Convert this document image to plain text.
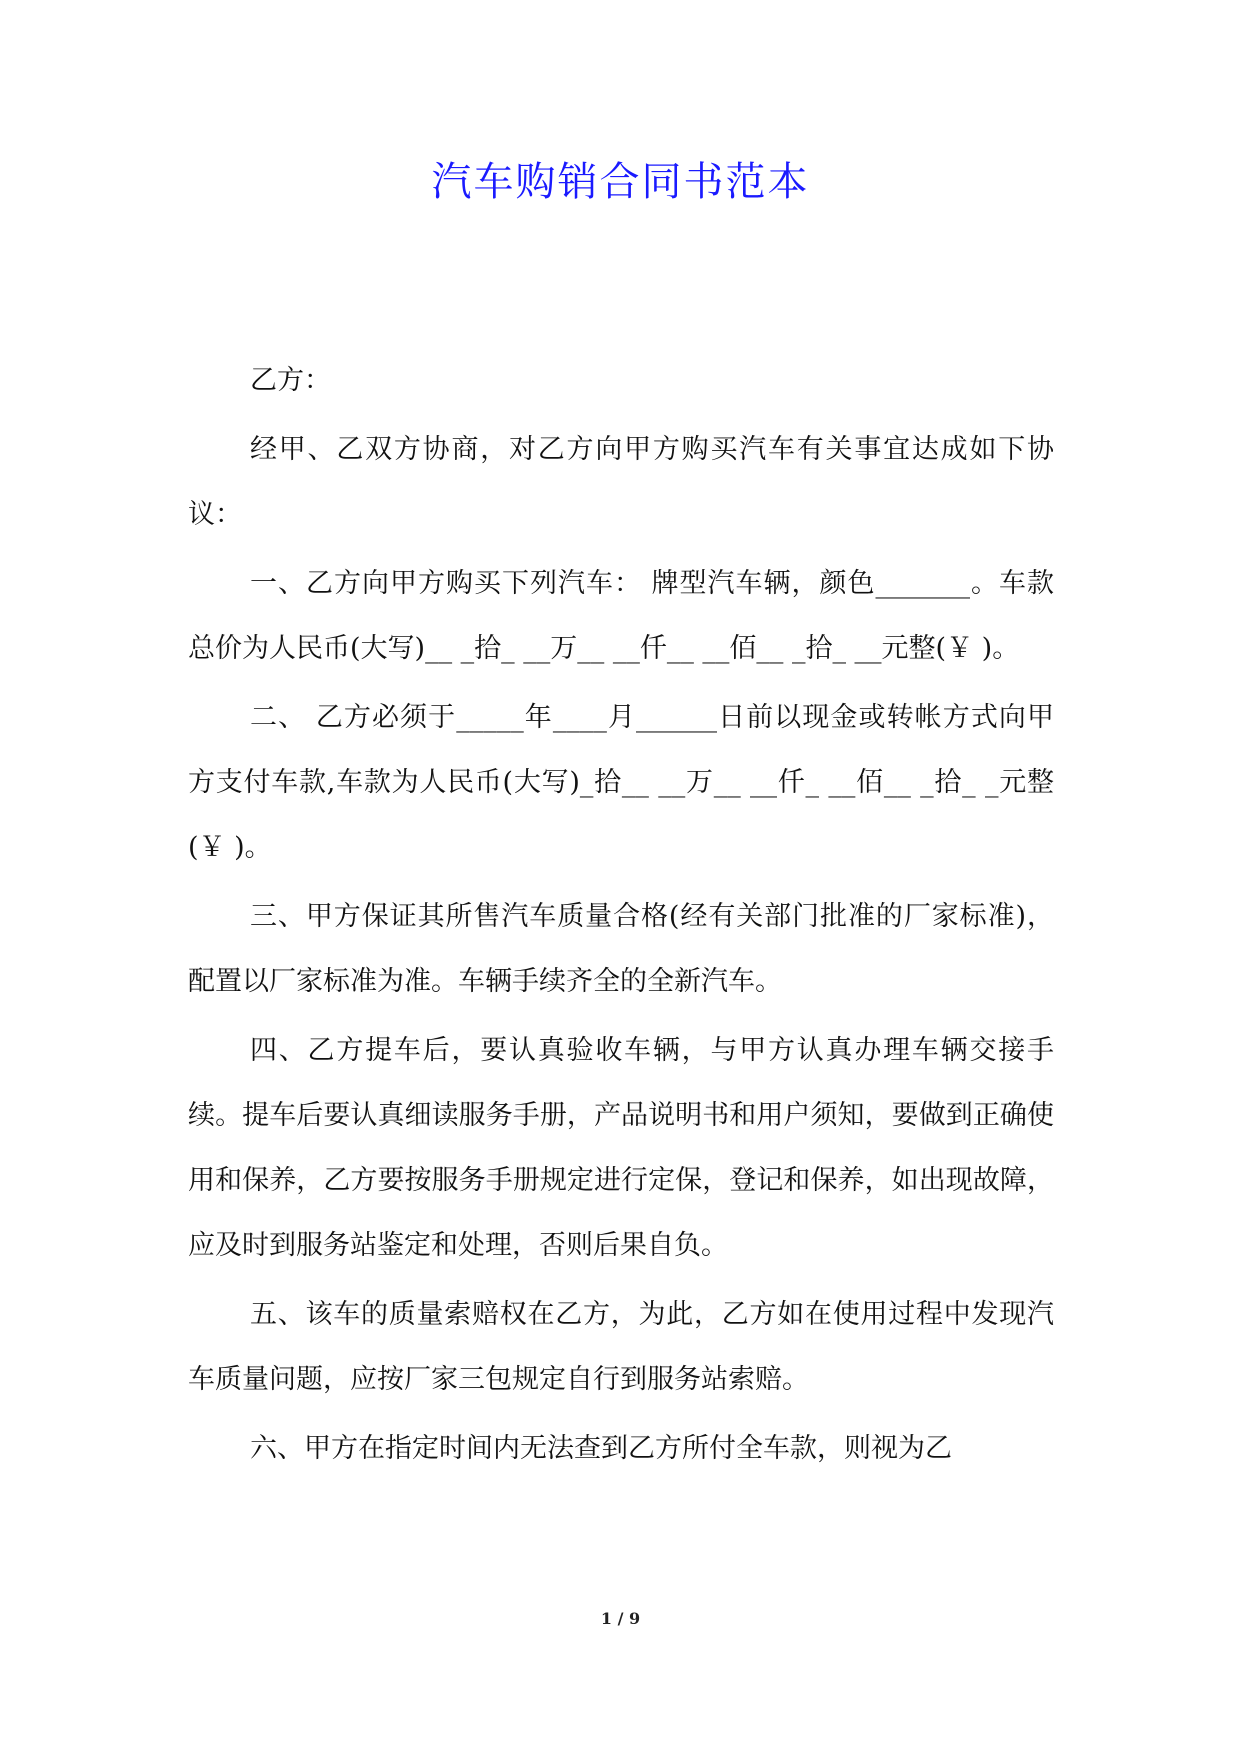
汽车购销合同书范本

乙方：

经甲、乙双方协商，对乙方向甲方购买汽车有关事宜达成如下协议：

一、乙方向甲方购买下列汽车： 牌型汽车辆，颜色_______。车款总价为人民币(大写)__ _拾_ __万__ __仟__ __佰__ _拾_ __元整(￥ )。

二、 乙方必须于_____年____月______日前以现金或转帐方式向甲方支付车款,车款为人民币(大写)_拾__ __万__ __仟_ __佰__ _拾_ _元整(￥ )。

三、甲方保证其所售汽车质量合格(经有关部门批准的厂家标准)，配置以厂家标准为准。车辆手续齐全的全新汽车。

四、乙方提车后，要认真验收车辆，与甲方认真办理车辆交接手续。提车后要认真细读服务手册，产品说明书和用户须知，要做到正确使用和保养，乙方要按服务手册规定进行定保，登记和保养，如出现故障，应及时到服务站鉴定和处理，否则后果自负。

五、该车的质量索赔权在乙方，为此，乙方如在使用过程中发现汽车质量问题，应按厂家三包规定自行到服务站索赔。

六、甲方在指定时间内无法查到乙方所付全车款，则视为乙

1 / 9
